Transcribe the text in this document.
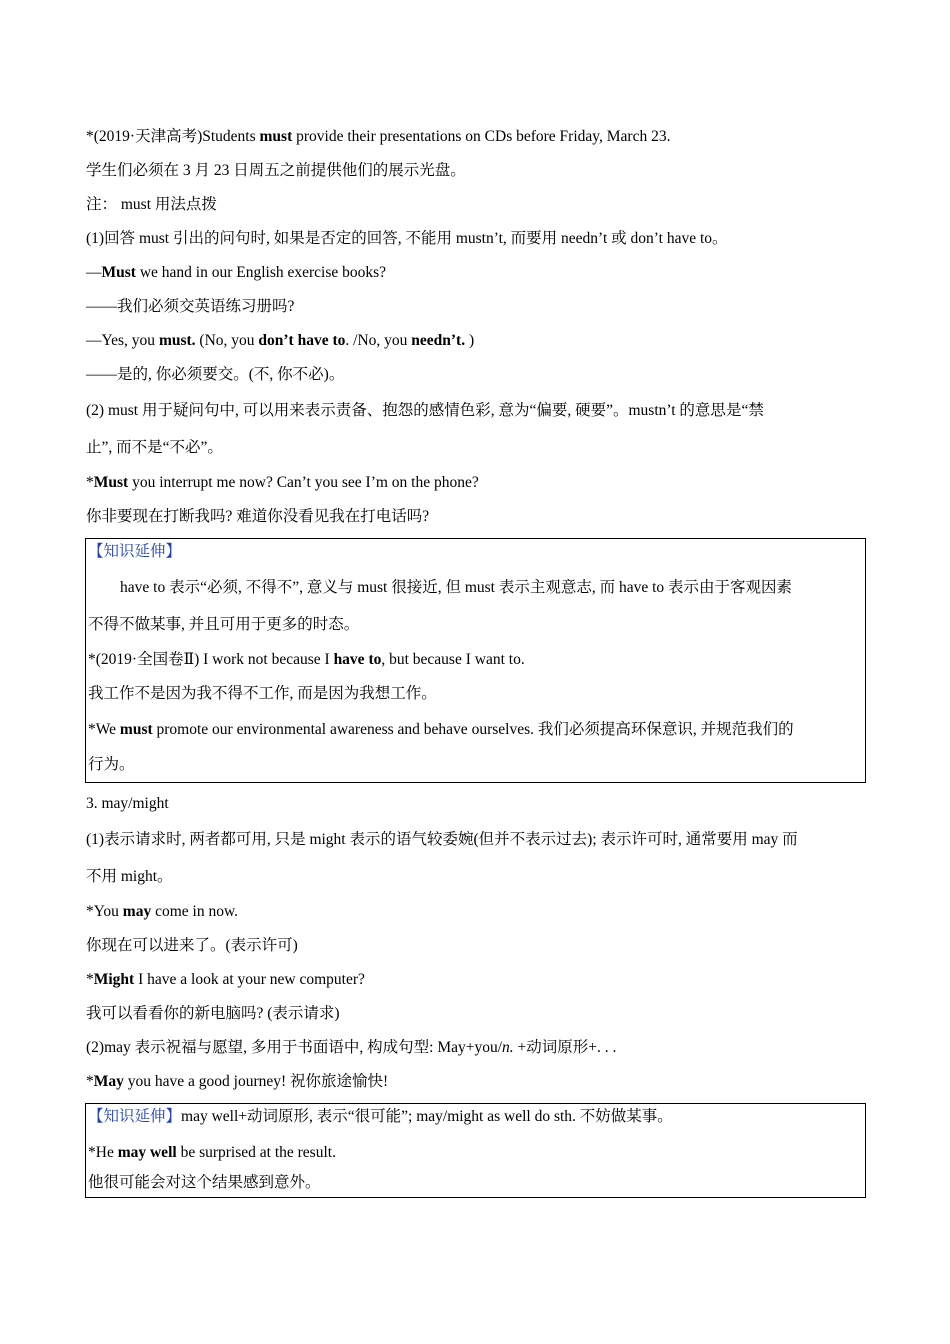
*(2019·天津高考)Students must provide their presentations on CDs before Friday, March 23.
学生们必须在 3 月 23 日周五之前提供他们的展示光盘。
注： must 用法点拨
(1)回答 must 引出的问句时, 如果是否定的回答, 不能用 mustn’t, 而要用 needn’t 或 don’t have to。
—Must we hand in our English exercise books?
——我们必须交英语练习册吗?
—Yes, you must. (No, you don’t have to. /No, you needn’t. )
——是的, 你必须要交。(不, 你不必)。
(2) must 用于疑问句中, 可以用来表示责备、抱怨的感情色彩, 意为“偏要, 硬要”。mustn’t 的意思是“禁
止”, 而不是“不必”。
*Must you interrupt me now? Can’t you see I’m on the phone?
你非要现在打断我吗? 难道你没看见我在打电话吗?
【知识延伸】
have to 表示“必须, 不得不”, 意义与 must 很接近, 但 must 表示主观意志, 而 have to 表示由于客观因素
不得不做某事, 并且可用于更多的时态。
*(2019·全国卷Ⅱ) I work not because I have to, but because I want to.
我工作不是因为我不得不工作, 而是因为我想工作。
*We must promote our environmental awareness and behave ourselves. 我们必须提高环保意识, 并规范我们的
行为。
3. may/might
(1)表示请求时, 两者都可用, 只是 might 表示的语气较委婉(但并不表示过去); 表示许可时, 通常要用 may 而
不用 might。
*You may come in now.
你现在可以进来了。(表示许可)
*Might I have a look at your new computer?
我可以看看你的新电脑吗? (表示请求)
(2)may 表示祝福与愿望, 多用于书面语中, 构成句型: May+you/n. +动词原形+. . .
*May you have a good journey! 祝你旅途愉快!
【知识延伸】may well+动词原形, 表示“很可能”; may/might as well do sth. 不妨做某事。
*He may well be surprised at the result.
他很可能会对这个结果感到意外。
